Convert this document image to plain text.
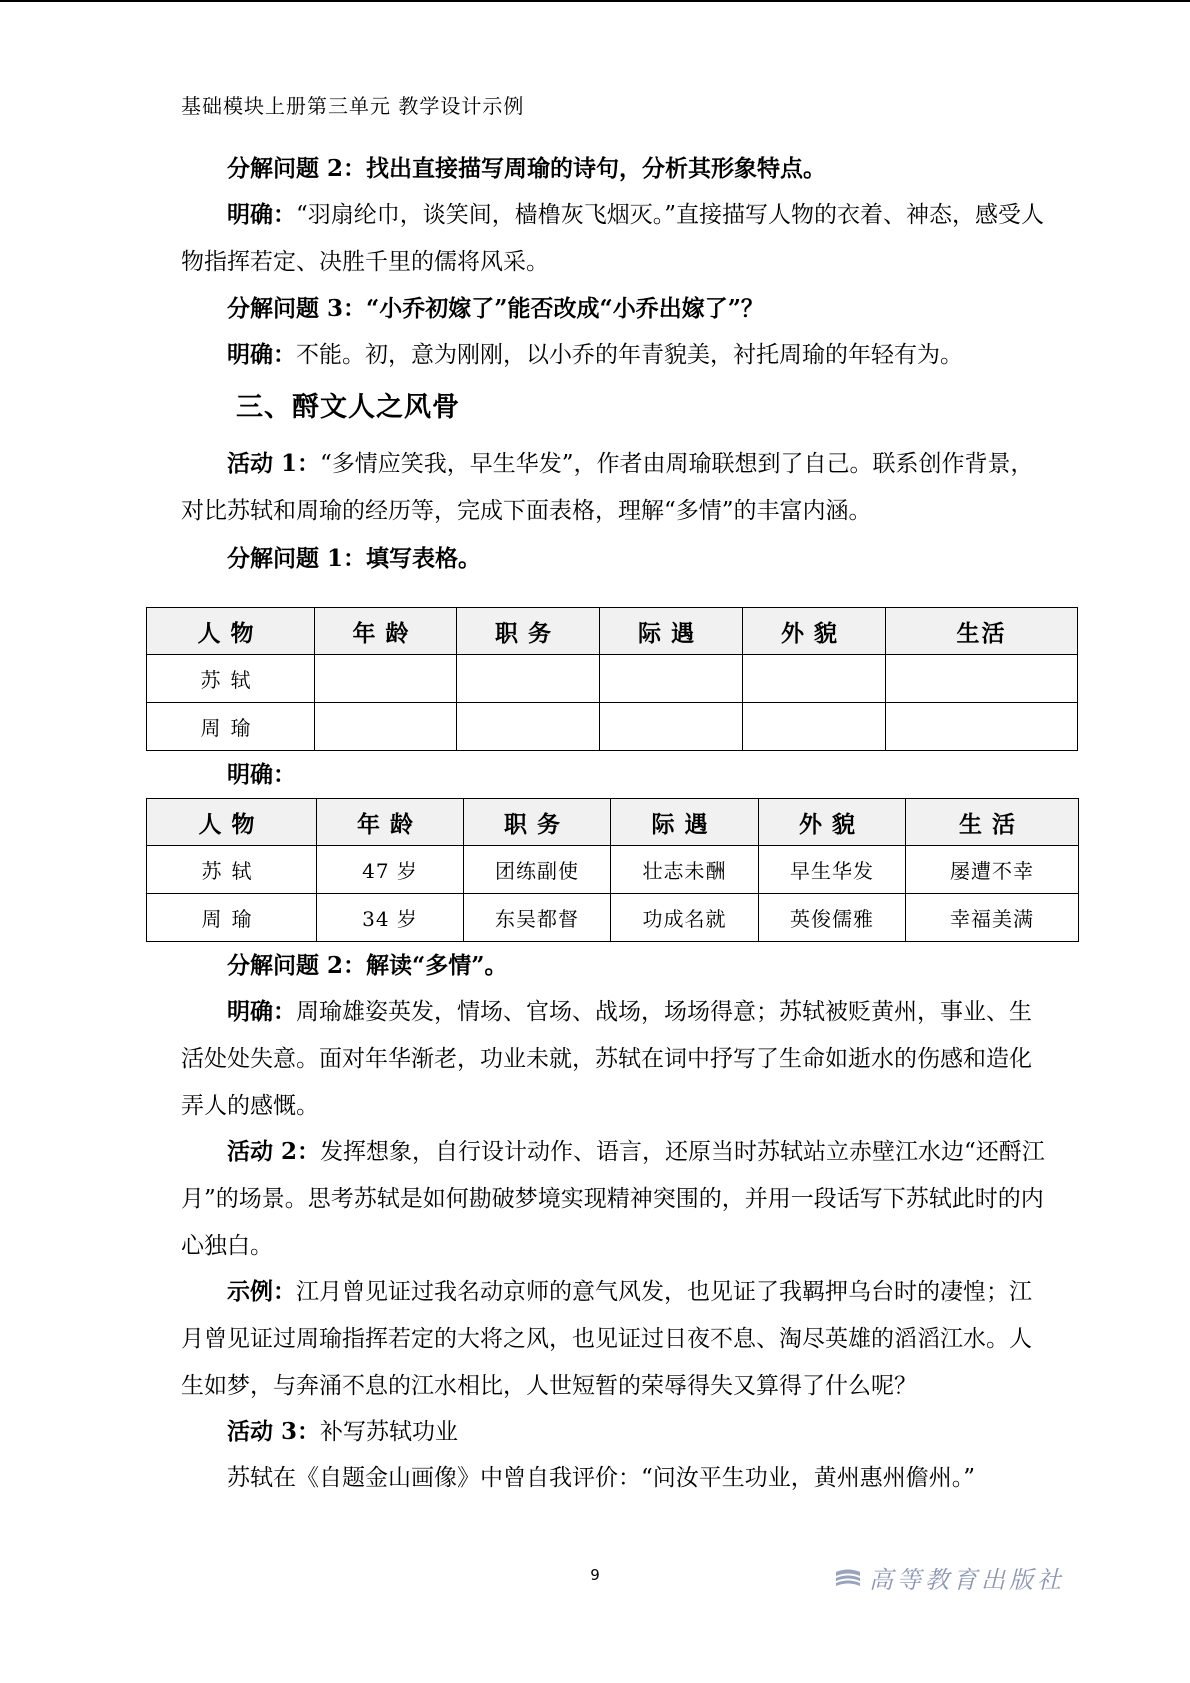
基础模块上册第三单元 教学设计示例
分解问题 2：找出直接描写周瑜的诗句，分析其形象特点。
明确：“羽扇纶巾，谈笑间，樯橹灰飞烟灭。”直接描写人物的衣着、神态，感受人物指挥若定、决胜千里的儒将风采。
分解问题 3：“小乔初嫁了”能否改成“小乔出嫁了”？
明确：不能。初，意为刚刚，以小乔的年青貌美，衬托周瑜的年轻有为。
三、酹文人之风骨
活动 1：“多情应笑我，早生华发”，作者由周瑜联想到了自己。联系创作背景，对比苏轼和周瑜的经历等，完成下面表格，理解“多情”的丰富内涵。
分解问题 1：填写表格。
人物	年龄	职务	际遇	外貌	生活
苏轼					
周瑜					
明确：
人物	年龄	职务	际遇	外貌	生活
苏轼	47 岁	团练副使	壮志未酬	早生华发	屡遭不幸
周瑜	34 岁	东吴都督	功成名就	英俊儒雅	幸福美满
分解问题 2：解读“多情”。
明确：周瑜雄姿英发，情场、官场、战场，场场得意；苏轼被贬黄州，事业、生活处处失意。面对年华渐老，功业未就，苏轼在词中抒写了生命如逝水的伤感和造化弄人的感慨。
活动 2：发挥想象，自行设计动作、语言，还原当时苏轼站立赤壁江水边“还酹江月”的场景。思考苏轼是如何勘破梦境实现精神突围的，并用一段话写下苏轼此时的内心独白。
示例：江月曾见证过我名动京师的意气风发，也见证了我羁押乌台时的凄惶；江月曾见证过周瑜指挥若定的大将之风，也见证过日夜不息、淘尽英雄的滔滔江水。人生如梦，与奔涌不息的江水相比，人世短暂的荣辱得失又算得了什么呢？
活动 3：补写苏轼功业
苏轼在《自题金山画像》中曾自我评价：“问汝平生功业，黄州惠州儋州。”
9	高等教育出版社
